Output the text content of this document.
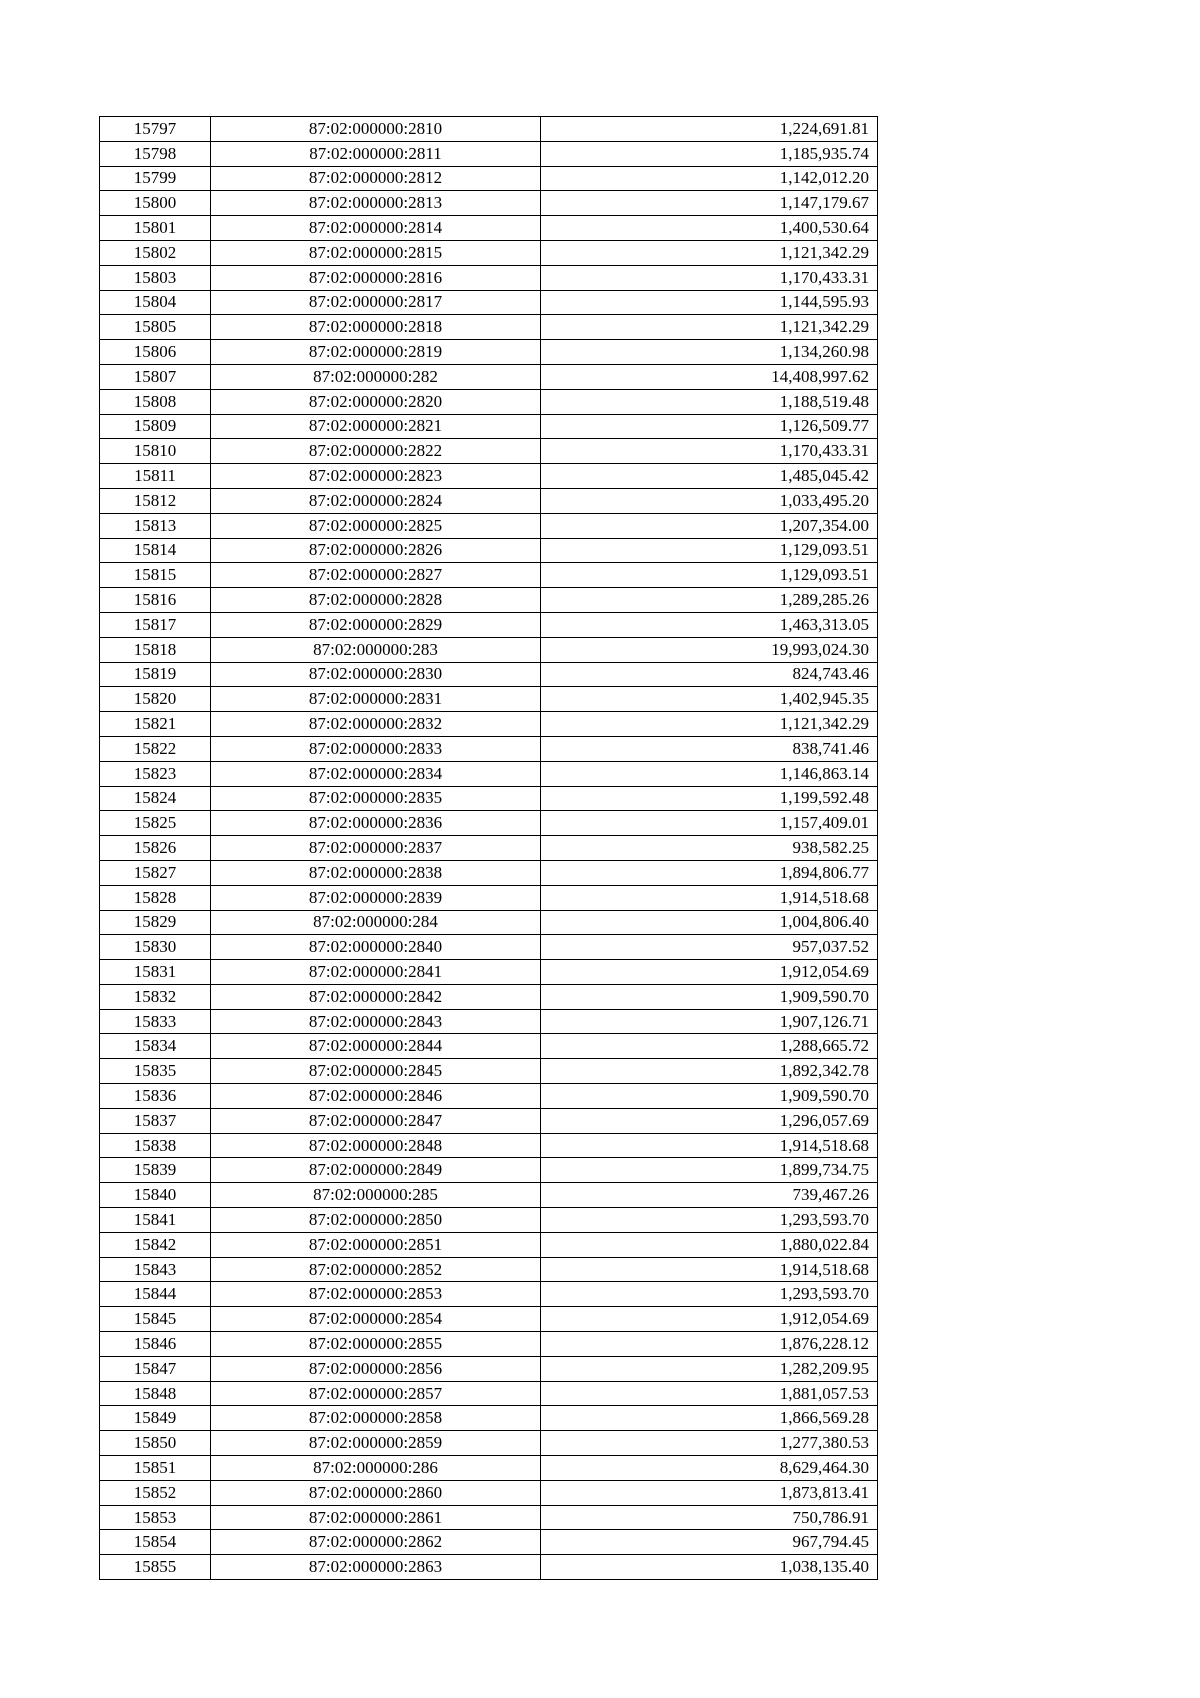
15797	87:02:000000:2810	1,224,691.81
15798	87:02:000000:2811	1,185,935.74
15799	87:02:000000:2812	1,142,012.20
15800	87:02:000000:2813	1,147,179.67
15801	87:02:000000:2814	1,400,530.64
15802	87:02:000000:2815	1,121,342.29
15803	87:02:000000:2816	1,170,433.31
15804	87:02:000000:2817	1,144,595.93
15805	87:02:000000:2818	1,121,342.29
15806	87:02:000000:2819	1,134,260.98
15807	87:02:000000:282	14,408,997.62
15808	87:02:000000:2820	1,188,519.48
15809	87:02:000000:2821	1,126,509.77
15810	87:02:000000:2822	1,170,433.31
15811	87:02:000000:2823	1,485,045.42
15812	87:02:000000:2824	1,033,495.20
15813	87:02:000000:2825	1,207,354.00
15814	87:02:000000:2826	1,129,093.51
15815	87:02:000000:2827	1,129,093.51
15816	87:02:000000:2828	1,289,285.26
15817	87:02:000000:2829	1,463,313.05
15818	87:02:000000:283	19,993,024.30
15819	87:02:000000:2830	824,743.46
15820	87:02:000000:2831	1,402,945.35
15821	87:02:000000:2832	1,121,342.29
15822	87:02:000000:2833	838,741.46
15823	87:02:000000:2834	1,146,863.14
15824	87:02:000000:2835	1,199,592.48
15825	87:02:000000:2836	1,157,409.01
15826	87:02:000000:2837	938,582.25
15827	87:02:000000:2838	1,894,806.77
15828	87:02:000000:2839	1,914,518.68
15829	87:02:000000:284	1,004,806.40
15830	87:02:000000:2840	957,037.52
15831	87:02:000000:2841	1,912,054.69
15832	87:02:000000:2842	1,909,590.70
15833	87:02:000000:2843	1,907,126.71
15834	87:02:000000:2844	1,288,665.72
15835	87:02:000000:2845	1,892,342.78
15836	87:02:000000:2846	1,909,590.70
15837	87:02:000000:2847	1,296,057.69
15838	87:02:000000:2848	1,914,518.68
15839	87:02:000000:2849	1,899,734.75
15840	87:02:000000:285	739,467.26
15841	87:02:000000:2850	1,293,593.70
15842	87:02:000000:2851	1,880,022.84
15843	87:02:000000:2852	1,914,518.68
15844	87:02:000000:2853	1,293,593.70
15845	87:02:000000:2854	1,912,054.69
15846	87:02:000000:2855	1,876,228.12
15847	87:02:000000:2856	1,282,209.95
15848	87:02:000000:2857	1,881,057.53
15849	87:02:000000:2858	1,866,569.28
15850	87:02:000000:2859	1,277,380.53
15851	87:02:000000:286	8,629,464.30
15852	87:02:000000:2860	1,873,813.41
15853	87:02:000000:2861	750,786.91
15854	87:02:000000:2862	967,794.45
15855	87:02:000000:2863	1,038,135.40
